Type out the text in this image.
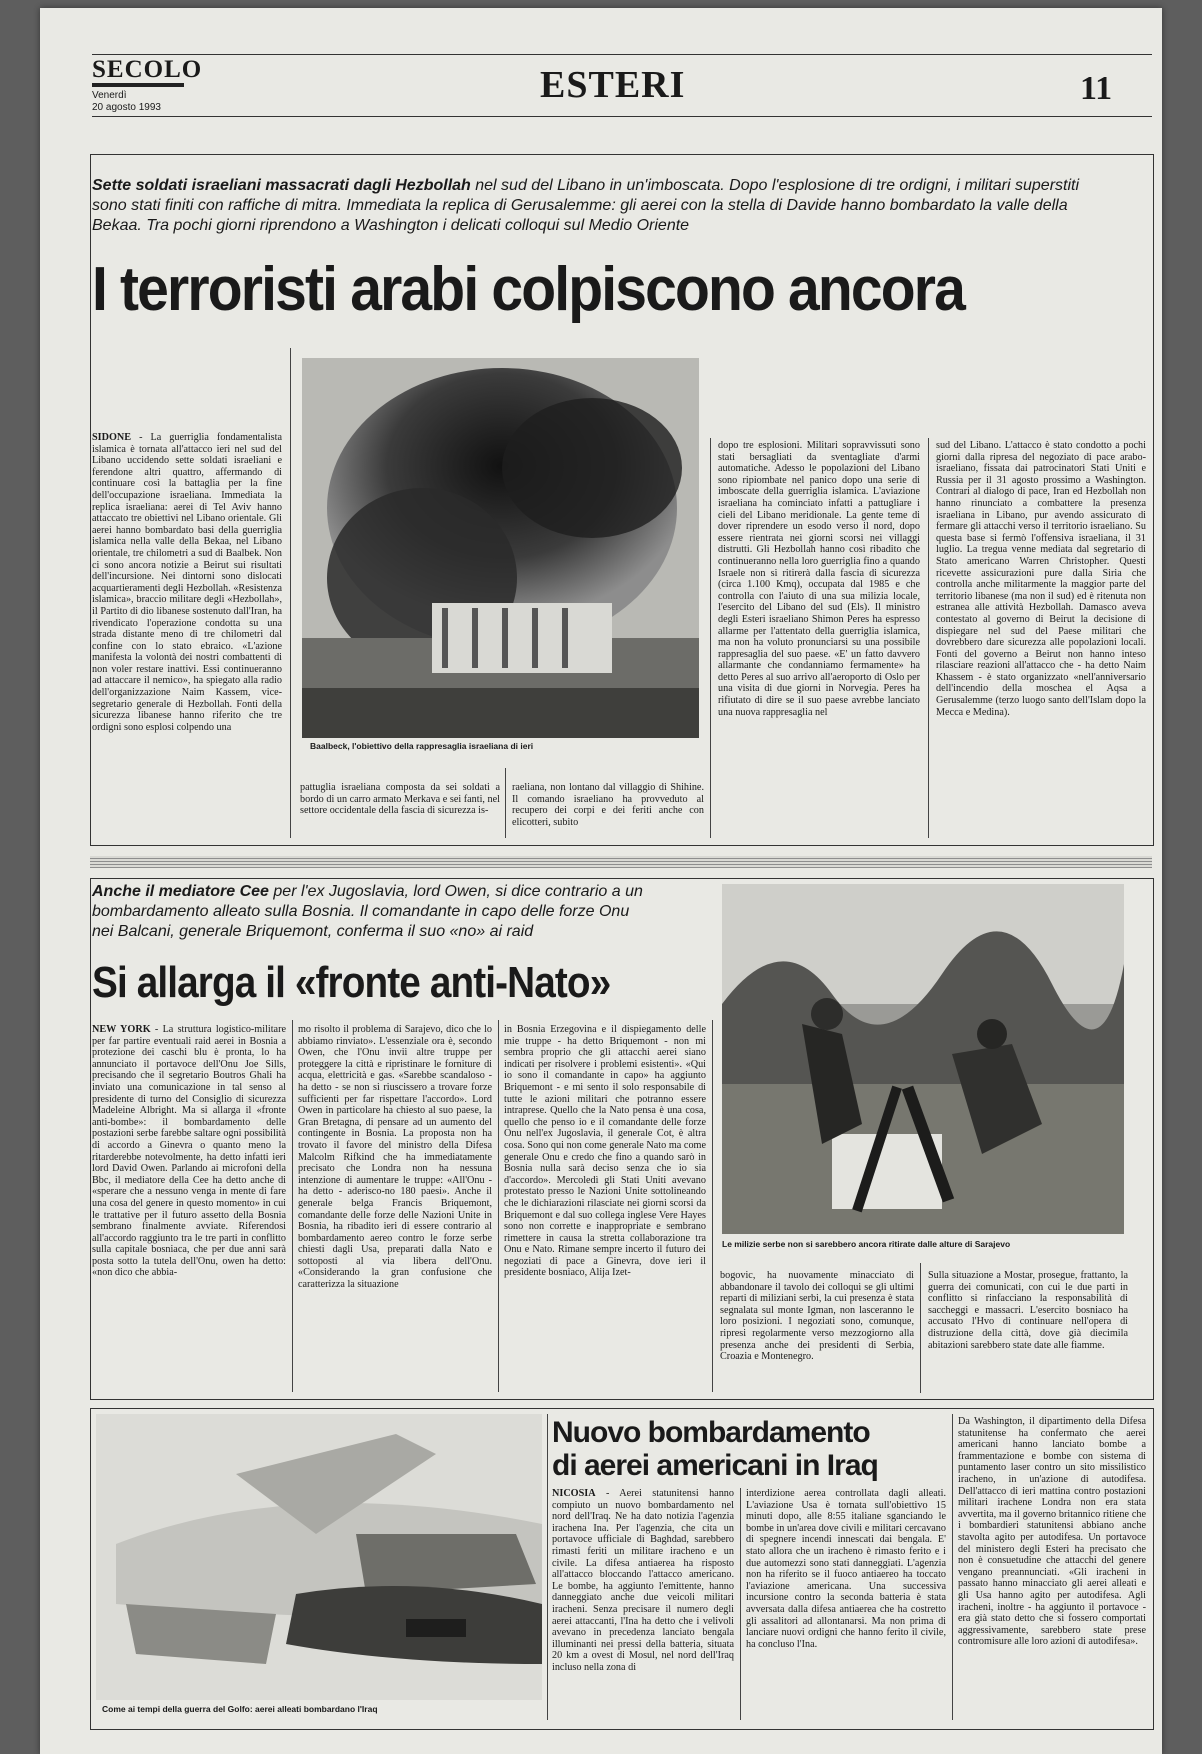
SECOLO
Venerdì
20 agosto 1993
ESTERI	11
Sette soldati israeliani massacrati dagli Hezbollah nel sud del Libano in un'imboscata. Dopo l'esplosione di tre ordigni, i militari superstiti sono stati finiti con raffiche di mitra. Immediata la replica di Gerusalemme: gli aerei con la stella di Davide hanno bombardato la valle della Bekaa. Tra pochi giorni riprendono a Washington i delicati colloqui sul Medio Oriente
I terroristi arabi colpiscono ancora
Baalbeck, l'obiettivo della rappresaglia israeliana di ieri
SIDONE - La guerriglia fondamentalista islamica è tornata all'attacco ieri nel sud del Libano uccidendo sette soldati israeliani e ferendone altri quattro, affermando di continuare così la battaglia per la fine dell'occupazione israeliana. Immediata la replica israeliana: aerei di Tel Aviv hanno attaccato tre obiettivi nel Libano orientale. Gli aerei hanno bombardato basi della guerriglia islamica nella valle della Bekaa, nel Libano orientale, tre chilometri a sud di Baalbek. Non ci sono ancora notizie a Beirut sui risultati dell'incursione. Nei dintorni sono dislocati acquartieramenti degli Hezbollah. «Resistenza islamica», braccio militare degli «Hezbollah», il Partito di dio libanese sostenuto dall'Iran, ha rivendicato l'operazione condotta su una strada distante meno di tre chilometri dal confine con lo stato ebraico. «L'azione manifesta la volontà dei nostri combattenti di non voler restare inattivi. Essi continueranno ad attaccare il nemico», ha spiegato alla radio dell'organizzazione Naim Kassem, vice-segretario generale di Hezbollah. Fonti della sicurezza libanese hanno riferito che tre ordigni sono esplosi colpendo una
pattuglia israeliana composta da sei soldati a bordo di un carro armato Merkava e sei fanti, nel settore occidentale della fascia di sicurezza is-
raeliana, non lontano dal villaggio di Shihine. Il comando israeliano ha provveduto al recupero dei corpi e dei feriti anche con elicotteri, subito
dopo tre esplosioni. Militari sopravvissuti sono stati bersagliati da sventagliate d'armi automatiche. Adesso le popolazioni del Libano sono ripiombate nel panico dopo una serie di imboscate della guerriglia islamica. L'aviazione israeliana ha cominciato infatti a pattugliare i cieli del Libano meridionale. La gente teme di dover riprendere un esodo verso il nord, dopo essere rientrata nei giorni scorsi nei villaggi distrutti. Gli Hezbollah hanno così ribadito che continueranno nella loro guerriglia fino a quando Israele non si ritirerà dalla fascia di sicurezza (circa 1.100 Kmq), occupata dal 1985 e che controlla con l'aiuto di una sua milizia locale, l'esercito del Libano del sud (Els). Il ministro degli Esteri israeliano Shimon Peres ha espresso allarme per l'attentato della guerriglia islamica, ma non ha voluto pronunciarsi su una possibile rappresaglia del suo paese. «E' un fatto davvero allarmante che condanniamo fermamente» ha detto Peres al suo arrivo all'aeroporto di Oslo per una visita di due giorni in Norvegia. Peres ha rifiutato di dire se il suo paese avrebbe lanciato una nuova rappresaglia nel
sud del Libano. L'attacco è stato condotto a pochi giorni dalla ripresa del negoziato di pace arabo-israeliano, fissata dai patrocinatori Stati Uniti e Russia per il 31 agosto prossimo a Washington. Contrari al dialogo di pace, Iran ed Hezbollah non hanno rinunciato a combattere la presenza israeliana in Libano, pur avendo assicurato di fermare gli attacchi verso il territorio israeliano. Su questa base si fermò l'offensiva israeliana, il 31 luglio. La tregua venne mediata dal segretario di Stato americano Warren Christopher. Questi ricevette assicurazioni pure dalla Siria che controlla anche militarmente la maggior parte del territorio libanese (ma non il sud) ed è ritenuta non estranea alle attività Hezbollah. Damasco aveva contestato al governo di Beirut la decisione di dispiegare nel sud del Paese militari che dovrebbero dare sicurezza alle popolazioni locali. Fonti del governo a Beirut non hanno inteso rilasciare reazioni all'attacco che - ha detto Naim Khassem - è stato organizzato «nell'anniversario dell'incendio della moschea el Aqsa a Gerusalemme (terzo luogo santo dell'Islam dopo la Mecca e Medina).
Anche il mediatore Cee per l'ex Jugoslavia, lord Owen, si dice contrario a un bombardamento alleato sulla Bosnia. Il comandante in capo delle forze Onu nei Balcani, generale Briquemont, conferma il suo «no» ai raid
Si allarga il «fronte anti-Nato»
Le milizie serbe non si sarebbero ancora ritirate dalle alture di Sarajevo
NEW YORK - La struttura logistico-militare per far partire eventuali raid aerei in Bosnia a protezione dei caschi blu è pronta, lo ha annunciato il portavoce dell'Onu Joe Sills, precisando che il segretario Boutros Ghali ha inviato una comunicazione in tal senso al presidente di turno del Consiglio di sicurezza Madeleine Albright. Ma si allarga il «fronte anti-bombe»: il bombardamento delle postazioni serbe farebbe saltare ogni possibilità di accordo a Ginevra o quanto meno la ritarderebbe notevolmente, ha detto infatti ieri lord David Owen. Parlando ai microfoni della Bbc, il mediatore della Cee ha detto anche di «sperare che a nessuno venga in mente di fare una cosa del genere in questo momento» in cui le trattative per il futuro assetto della Bosnia sembrano finalmente avviate. Riferendosi all'accordo raggiunto tra le tre parti in conflitto sulla capitale bosniaca, che per due anni sarà posta sotto la tutela dell'Onu, owen ha detto: «non dico che abbia-
mo risolto il problema di Sarajevo, dico che lo abbiamo rinviato». L'essenziale ora è, secondo Owen, che l'Onu invii altre truppe per proteggere la città e ripristinare le forniture di acqua, elettricità e gas. «Sarebbe scandaloso - ha detto - se non si riuscissero a trovare forze sufficienti per far rispettare l'accordo». Lord Owen in particolare ha chiesto al suo paese, la Gran Bretagna, di pensare ad un aumento del contingente in Bosnia. La proposta non ha trovato il favore del ministro della Difesa Malcolm Rifkind che ha immediatamente precisato che Londra non ha nessuna intenzione di aumentare le truppe: «All'Onu - ha detto - aderisco-no 180 paesi». Anche il generale belga Francis Briquemont, comandante delle forze delle Nazioni Unite in Bosnia, ha ribadito ieri di essere contrario al bombardamento aereo contro le forze serbe chiesti dagli Usa, preparati dalla Nato e sottoposti al via libera dell'Onu. «Considerando la gran confusione che caratterizza la situazione
in Bosnia Erzegovina e il dispiegamento delle mie truppe - ha detto Briquemont - non mi sembra proprio che gli attacchi aerei siano indicati per risolvere i problemi esistenti». «Qui io sono il comandante in capo» ha aggiunto Briquemont - e mi sento il solo responsabile di tutte le azioni militari che potranno essere intraprese. Quello che la Nato pensa è una cosa, quello che penso io e il comandante delle forze Onu nell'ex Jugoslavia, il generale Cot, è altra cosa. Sono qui non come generale Nato ma come generale Onu e credo che fino a quando sarò in Bosnia nulla sarà deciso senza che io sia d'accordo». Mercoledì gli Stati Uniti avevano protestato presso le Nazioni Unite sottolineando che le dichiarazioni rilasciate nei giorni scorsi da Briquemont e dal suo collega inglese Vere Hayes sono non corrette e inappropriate e sembrano rimettere in causa la stretta collaborazione tra Onu e Nato. Rimane sempre incerto il futuro dei negoziati di pace a Ginevra, dove ieri il presidente bosniaco, Alija Izet-	bogovic, ha nuovamente minacciato di abbandonare il tavolo dei colloqui se gli ultimi reparti di miliziani serbi, la cui presenza è stata segnalata sul monte Igman, non lasceranno le loro posizioni. I negoziati sono, comunque, ripresi regolarmente verso mezzogiorno alla presenza anche dei presidenti di Serbia, Croazia e Montenegro.
Sulla situazione a Mostar, prosegue, frattanto, la guerra dei comunicati, con cui le due parti in conflitto si rinfacciano la responsabilità di saccheggi e massacri. L'esercito bosniaco ha accusato l'Hvo di continuare nell'opera di distruzione della città, dove già diecimila abitazioni sarebbero state date alle fiamme.
Come ai tempi della guerra del Golfo: aerei alleati bombardano l'Iraq
Nuovo bombardamento
di aerei americani in Iraq
NICOSIA - Aerei statunitensi hanno compiuto un nuovo bombardamento nel nord dell'Iraq. Ne ha dato notizia l'agenzia irachena Ina. Per l'agenzia, che cita un portavoce ufficiale di Baghdad, sarebbero rimasti feriti un militare iracheno e un civile. La difesa antiaerea ha risposto all'attacco bloccando l'attacco americano. Le bombe, ha aggiunto l'emittente, hanno danneggiato anche due veicoli militari iracheni. Senza precisare il numero degli aerei attaccanti, l'Ina ha detto che i velivoli avevano in precedenza lanciato bengala illuminanti nei pressi della batteria, situata 20 km a ovest di Mosul, nel nord dell'Iraq incluso nella zona di
interdizione aerea controllata dagli alleati. L'aviazione Usa è tornata sull'obiettivo 15 minuti dopo, alle 8:55 italiane sganciando le bombe in un'area dove civili e militari cercavano di spegnere incendi innescati dai bengala. E' stato allora che un iracheno è rimasto ferito e i due automezzi sono stati danneggiati. L'agenzia non ha riferito se il fuoco antiaereo ha toccato l'aviazione americana. Una successiva incursione contro la seconda batteria è stata avversata dalla difesa antiaerea che ha costretto gli assalitori ad allontanarsi. Ma non prima di lanciare nuovi ordigni che hanno ferito il civile, ha concluso l'Ina.
Da Washington, il dipartimento della Difesa statunitense ha confermato che aerei americani hanno lanciato bombe a frammentazione e bombe con sistema di puntamento laser contro un sito missilistico iracheno, in un'azione di autodifesa. Dell'attacco di ieri mattina contro postazioni militari irachene Londra non era stata avvertita, ma il governo britannico ritiene che i bombardieri statunitensi abbiano anche stavolta agito per autodifesa. Un portavoce del ministero degli Esteri ha precisato che non è consuetudine che attacchi del genere vengano preannunciati. «Gli iracheni in passato hanno minacciato gli aerei alleati e gli Usa hanno agito per autodifesa. Agli iracheni, inoltre - ha aggiunto il portavoce - era già stato detto che si fossero comportati aggressivamente, sarebbero state prese contromisure alle loro azioni di autodifesa».
